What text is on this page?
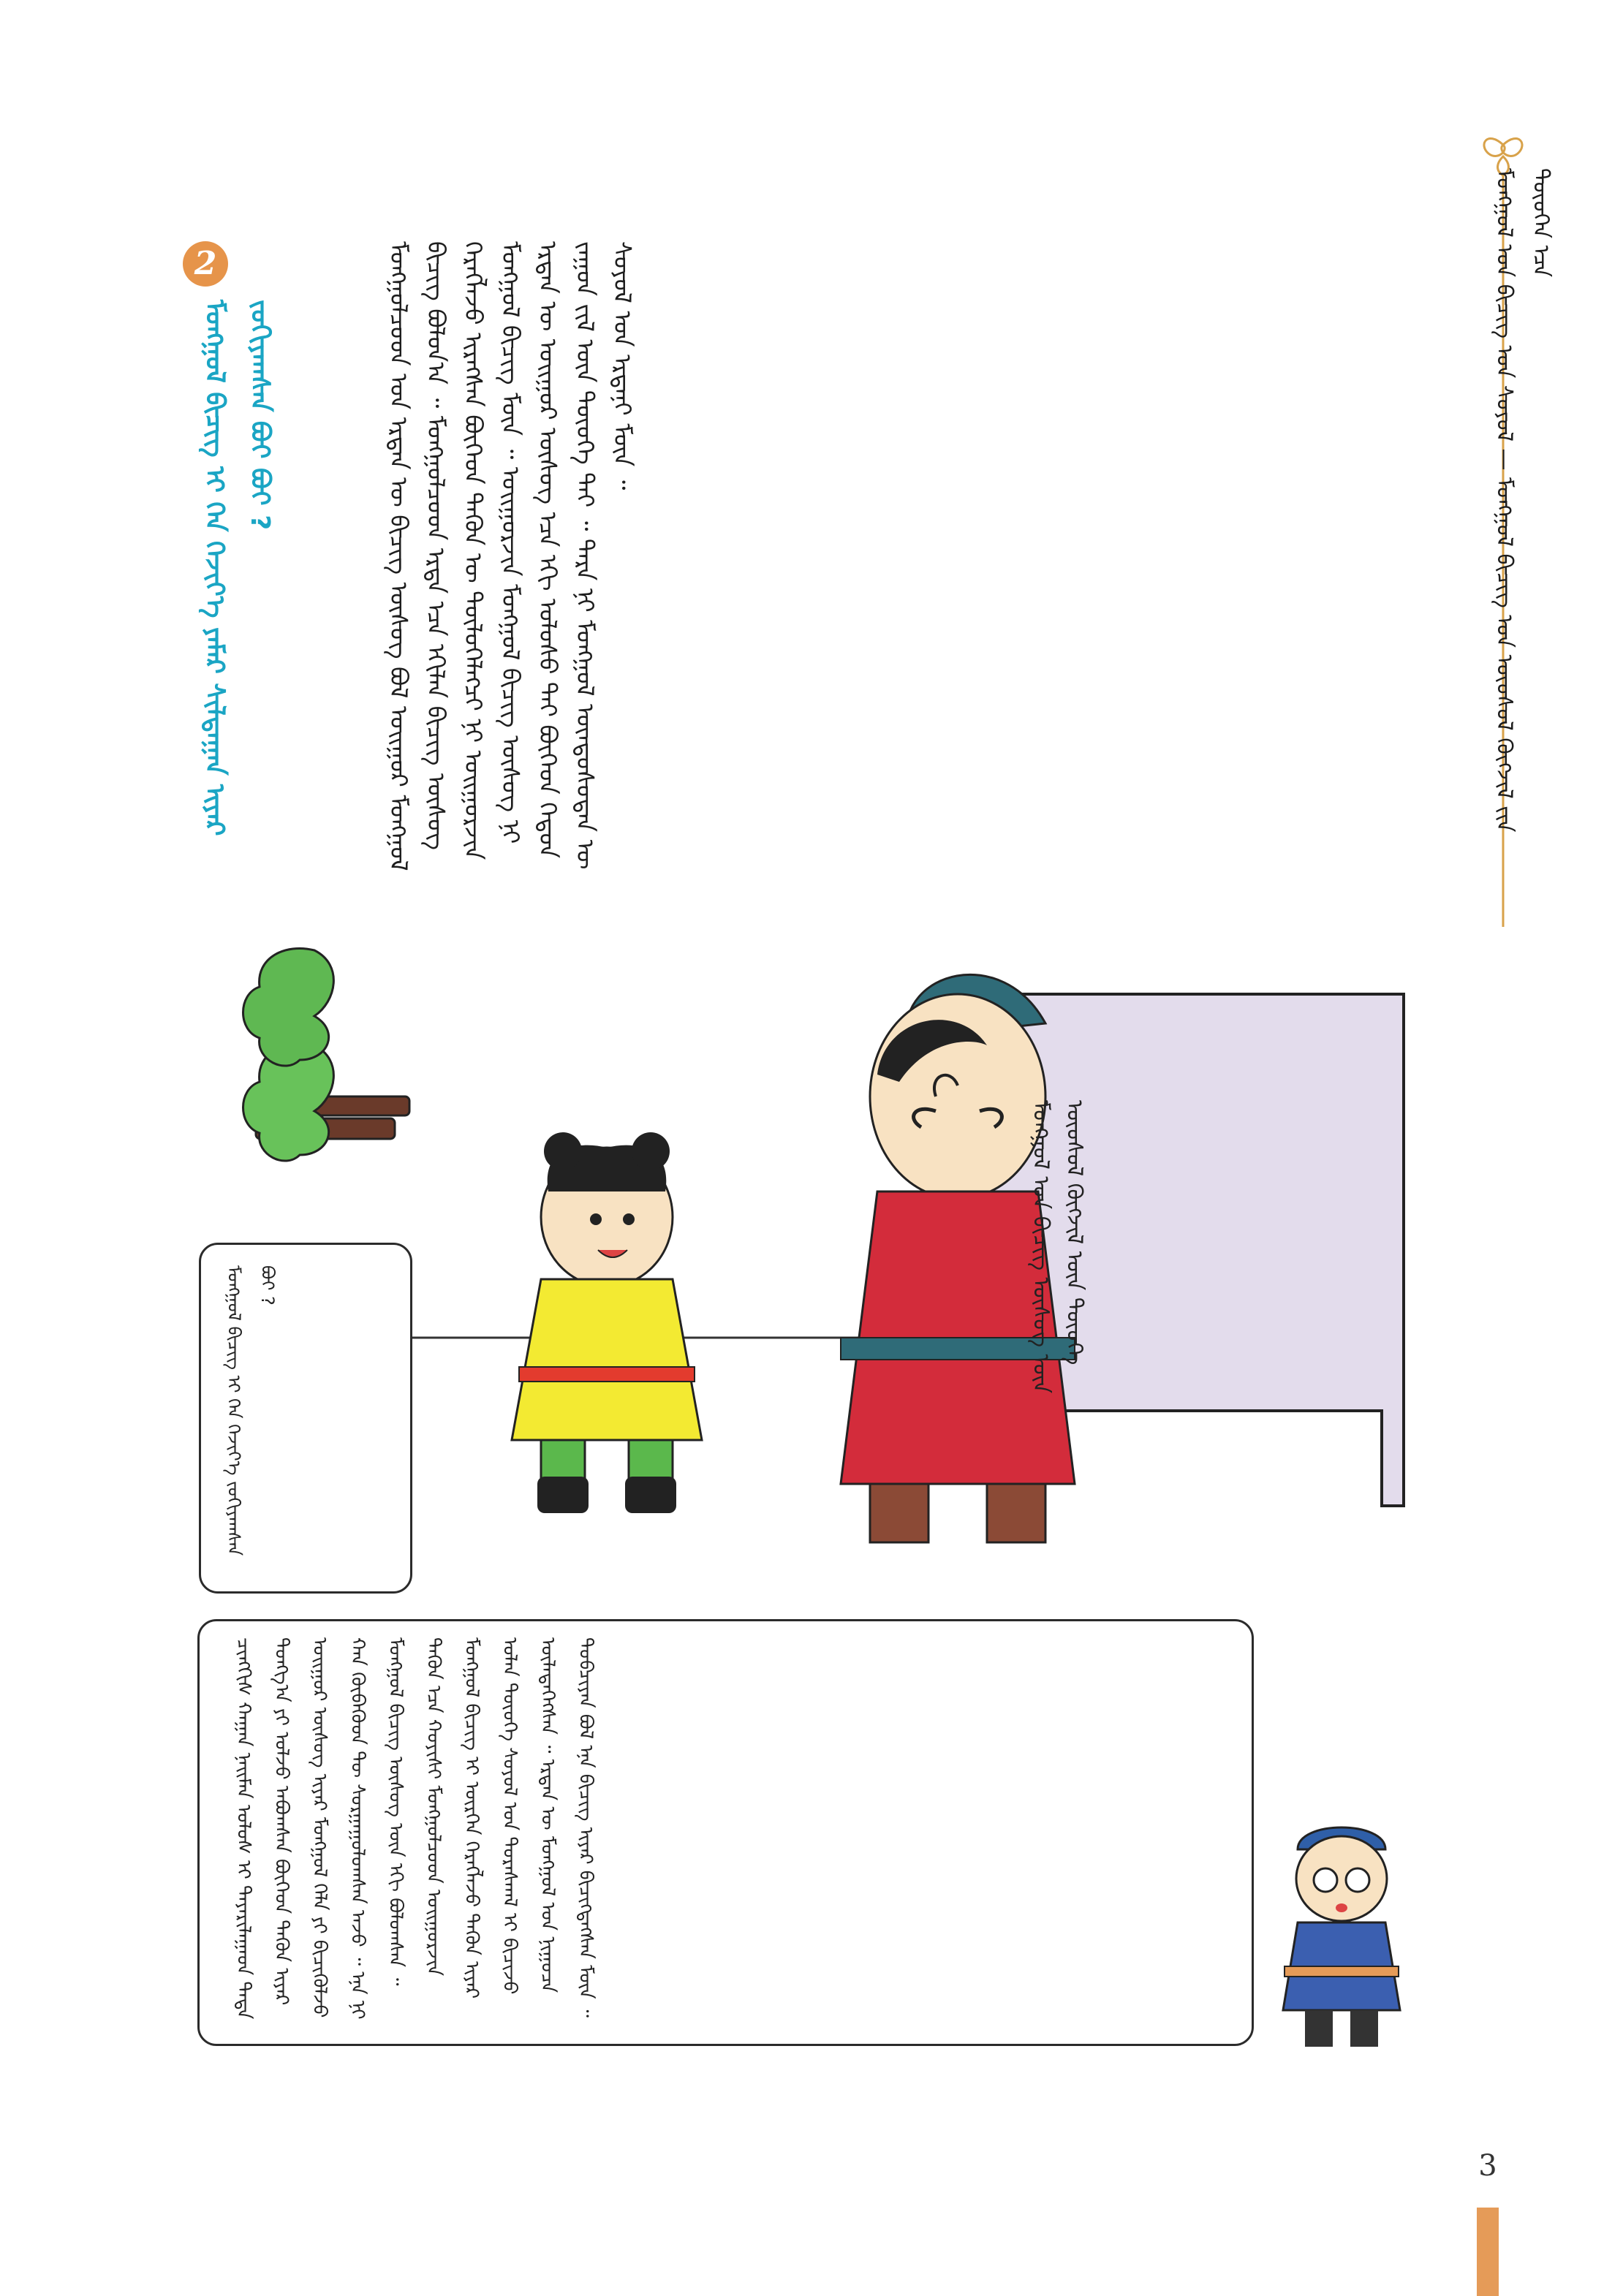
ᠮᠣᠩᠭᠣᠯ ᠤᠨ ᠪᠢᠴᠢᠭ ᠤᠨ ᠰᠣᠶᠣᠯ — ᠮᠣᠩᠭᠣᠯ ᠪᠢᠴᠢᠭ ᠤᠨ ᠦᠦᠰᠦᠯ ᠬᠥᠭᠵᠢᠯ ᠵᠢᠨ ᠲᠦᠦᠬᠡᠨ ᠡᠴᠡ
ᠮᠣᠩᠭᠣᠯᠴᠤᠳ ᠤᠨ ᠡᠷᠲᠡᠨ ᠦ ᠪᠢᠴᠢᠭ ᠦᠰᠦᠭ ᠪᠣᠯ ᠤᠢᠭᠤᠷ ᠮᠣᠩᠭᠣᠯ ᠪᠢᠴᠢᠭ ᠪᠣᠯᠤᠨ᠎ᠠ ᠃ ᠮᠣᠩᠭᠣᠯᠴᠤᠳ ᠡᠷᠲᠡ ᠡᠴᠡ ᠡᠬᠢᠯᠡᠨ ᠪᠢᠴᠢᠭ ᠦᠰᠦᠭ ᠬᠡᠷᠡᠭᠯᠡᠵᠦ ᠢᠷᠡᠭᠰᠡᠨ ᠪᠥᠭᠡᠳ ᠲᠡᠭᠦᠨ ᠦ ᠲᠥᠯᠥᠭᠡᠯᠡᠭᠴᠢ ᠨᠢ ᠤᠢᠭᠤᠷᠵᠢᠨ ᠮᠣᠩᠭᠣᠯ ᠪᠢᠴᠢᠭ ᠮᠥᠨ ᠃ ᠤᠢᠭᠤᠷᠵᠢᠨ ᠮᠣᠩᠭᠣᠯ ᠪᠢᠴᠢᠭ ᠦᠰᠦᠭ ᠨᠢ ᠡᠷᠲᠡᠨ ᠦ ᠤᠢᠭᠤᠷ ᠦᠰᠦᠭ ᠡᠴᠡ ᠡᠬᠢ ᠤᠯᠤᠰᠤ ᠲᠠᠢ ᠪᠥᠭᠡᠳ ᠬᠡᠳᠦᠨ ᠵᠠᠭᠤᠨ ᠵᠢᠯ ᠦᠨ ᠲᠦᠦᠬᠡ ᠲᠡᠢ ᠃ ᠲᠡᠷᠡ ᠨᠢ ᠮᠣᠩᠭᠣᠯ ᠦᠨᠳᠦᠰᠦᠲᠡᠨ ᠦ ᠰᠣᠶᠣᠯ ᠤᠨ ᠡᠷᠳᠡᠨᠢ ᠮᠥᠨ ᠃
2
ᠮᠣᠩᠭᠣᠯ ᠪᠢᠴᠢᠭ ᠢ ᠬᠡᠨ ᠬᠡᠵᠢᠶ᠎ᠡ ᠶᠠᠮᠠᠷ ᠰᠢᠯᠲᠠᠭᠠᠨ ᠢᠶᠠᠷ ᠵᠣᠬᠢᠶᠠᠭᠰᠠᠨ ᠪᠤᠢ ᠪᠣᠢ ?
ᠮᠣᠩᠭᠣᠯ ᠤᠨ ᠪᠢᠴᠢᠭ ᠦᠰᠦᠭ ᠦᠨ ᠦᠦᠰᠦᠯ ᠬᠥᠭᠵᠢᠯ ᠦᠨ ᠲᠦᠦᠬᠡ
ᠮᠣᠩᠭᠣᠯ ᠪᠢᠴᠢᠭ ᠢ ᠬᠡᠨ ᠬᠡᠵᠢᠶ᠎ᠡ ᠵᠣᠬᠢᠶᠠᠭᠰᠠᠨ ᠪᠤᠢ ?
ᠴᠢᠩᠭᠢᠰ ᠬᠠᠭᠠᠨ ᠨᠠᠢᠮᠠᠨ ᠤᠯᠤᠰ ᠢ ᠳᠠᠶᠠᠷᠢᠯᠠᠭᠠᠳ ᠲᠠᠲᠠ ᠲᠤᠩᠭ᠎ᠠ ᠶᠢ ᠣᠯᠵᠤ ᠠᠪᠤᠭᠰᠠᠨ ᠪᠥᠭᠡᠳ ᠲᠡᠭᠦᠨ ᠢᠶᠡᠷ ᠤᠢᠭᠤᠷ ᠦᠰᠦᠭ ᠢᠶᠡᠷ ᠮᠣᠩᠭᠣᠯ ᠬᠡᠯᠡ ᠶᠢ ᠪᠢᠴᠢᠭᠦᠯᠵᠦ ᠬᠠᠨ ᠬᠥᠪᠡᠭᠦᠳ ᠲᠦ ᠰᠤᠷᠭᠠᠭᠤᠯᠤᠭᠰᠠᠨ ᠠᠵᠤ ᠃ ᠡᠨᠡ ᠨᠢ ᠮᠣᠩᠭᠣᠯ ᠪᠢᠴᠢᠭ ᠦᠰᠦᠭ ᠦᠨ ᠡᠬᠢ ᠪᠣᠯᠤᠭᠰᠠᠨ ᠃ ᠲᠡᠭᠦᠨ ᠡᠴᠡ ᠬᠣᠶᠢᠰᠢ ᠮᠣᠩᠭᠣᠯᠴᠤᠳ ᠤᠢᠭᠤᠷᠵᠢᠨ ᠮᠣᠩᠭᠣᠯ ᠪᠢᠴᠢᠭ ᠢ ᠥᠷᠭᠡᠨ ᠬᠡᠷᠡᠭᠯᠡᠵᠦ ᠲᠡᠭᠦᠨ ᠢᠶᠡᠷ ᠣᠯᠠᠨ ᠲᠦᠦᠬᠡ ᠰᠣᠶᠣᠯ ᠤᠨ ᠳᠤᠷᠠᠰᠬᠠᠯ ᠢ ᠪᠢᠴᠢᠵᠦ ᠦᠯᠡᠳᠡᠭᠡᠭᠰᠡᠨ ᠃ ᠡᠷᠲᠡᠨ ᠦ ᠮᠣᠩᠭᠣᠯ ᠤᠨ ᠨᠢᠭᠤᠴᠠ ᠲᠣᠪᠴᠢᠶᠠᠨ ᠪᠣᠯ ᠡᠨᠡ ᠪᠢᠴᠢᠭ ᠢᠶᠡᠷ ᠪᠢᠴᠢᠭᠳᠡᠭᠰᠡᠨ ᠮᠥᠨ ᠃
3
